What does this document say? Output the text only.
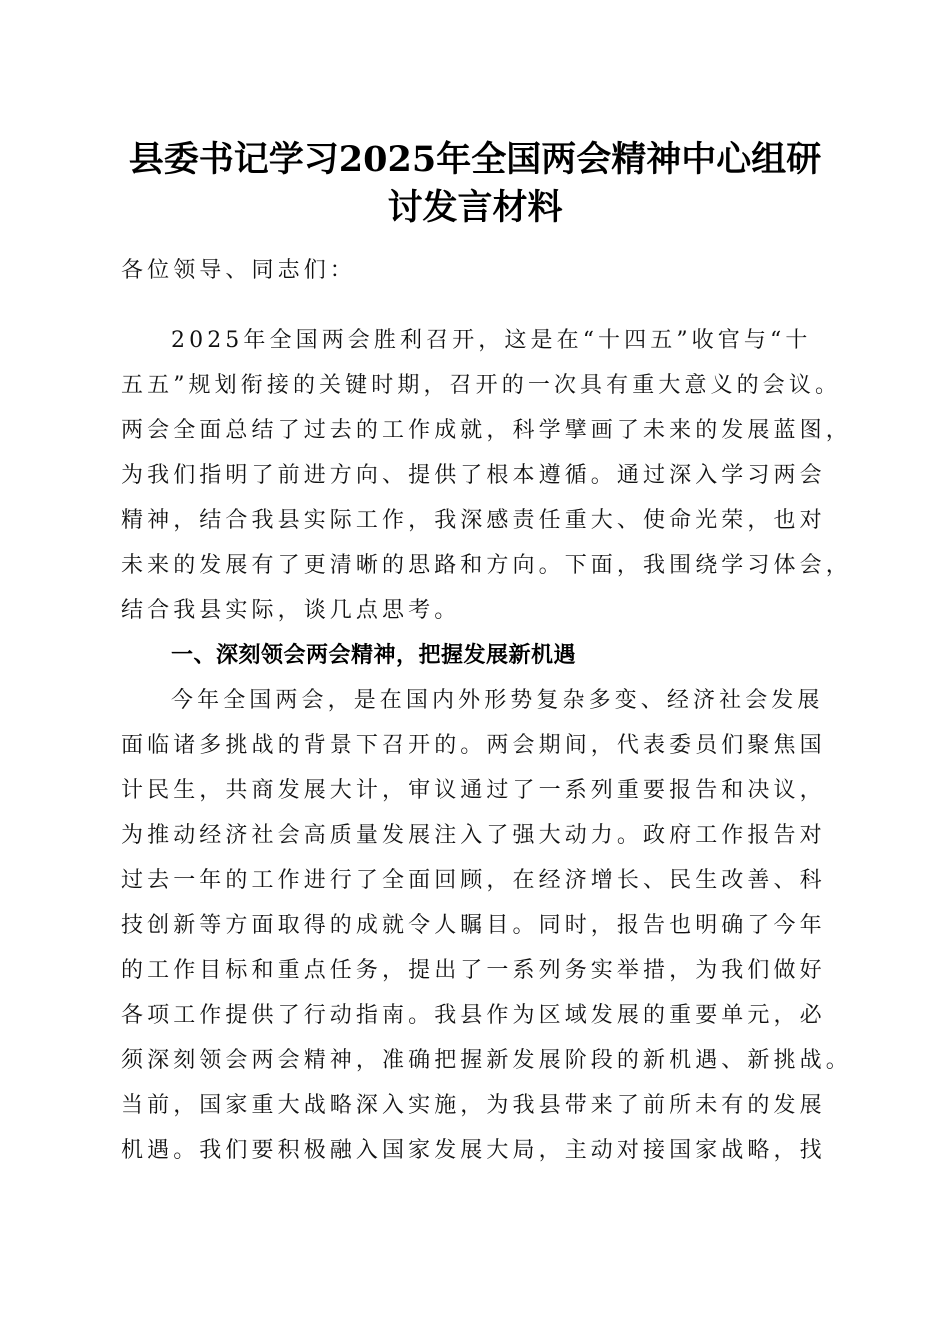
县委书记学习2025年全国两会精神中心组研
讨发言材料
各位领导、同志们：
2025年全国两会胜利召开，这是在“十四五”收官与“十
五五”规划衔接的关键时期，召开的一次具有重大意义的会议。
两会全面总结了过去的工作成就，科学擘画了未来的发展蓝图，
为我们指明了前进方向、提供了根本遵循。通过深入学习两会
精神，结合我县实际工作，我深感责任重大、使命光荣，也对
未来的发展有了更清晰的思路和方向。下面，我围绕学习体会，
结合我县实际，谈几点思考。
一、深刻领会两会精神，把握发展新机遇
今年全国两会，是在国内外形势复杂多变、经济社会发展
面临诸多挑战的背景下召开的。两会期间，代表委员们聚焦国
计民生，共商发展大计，审议通过了一系列重要报告和决议，
为推动经济社会高质量发展注入了强大动力。政府工作报告对
过去一年的工作进行了全面回顾，在经济增长、民生改善、科
技创新等方面取得的成就令人瞩目。同时，报告也明确了今年
的工作目标和重点任务，提出了一系列务实举措，为我们做好
各项工作提供了行动指南。我县作为区域发展的重要单元，必
须深刻领会两会精神，准确把握新发展阶段的新机遇、新挑战。
当前，国家重大战略深入实施，为我县带来了前所未有的发展
机遇。我们要积极融入国家发展大局，主动对接国家战略，找
